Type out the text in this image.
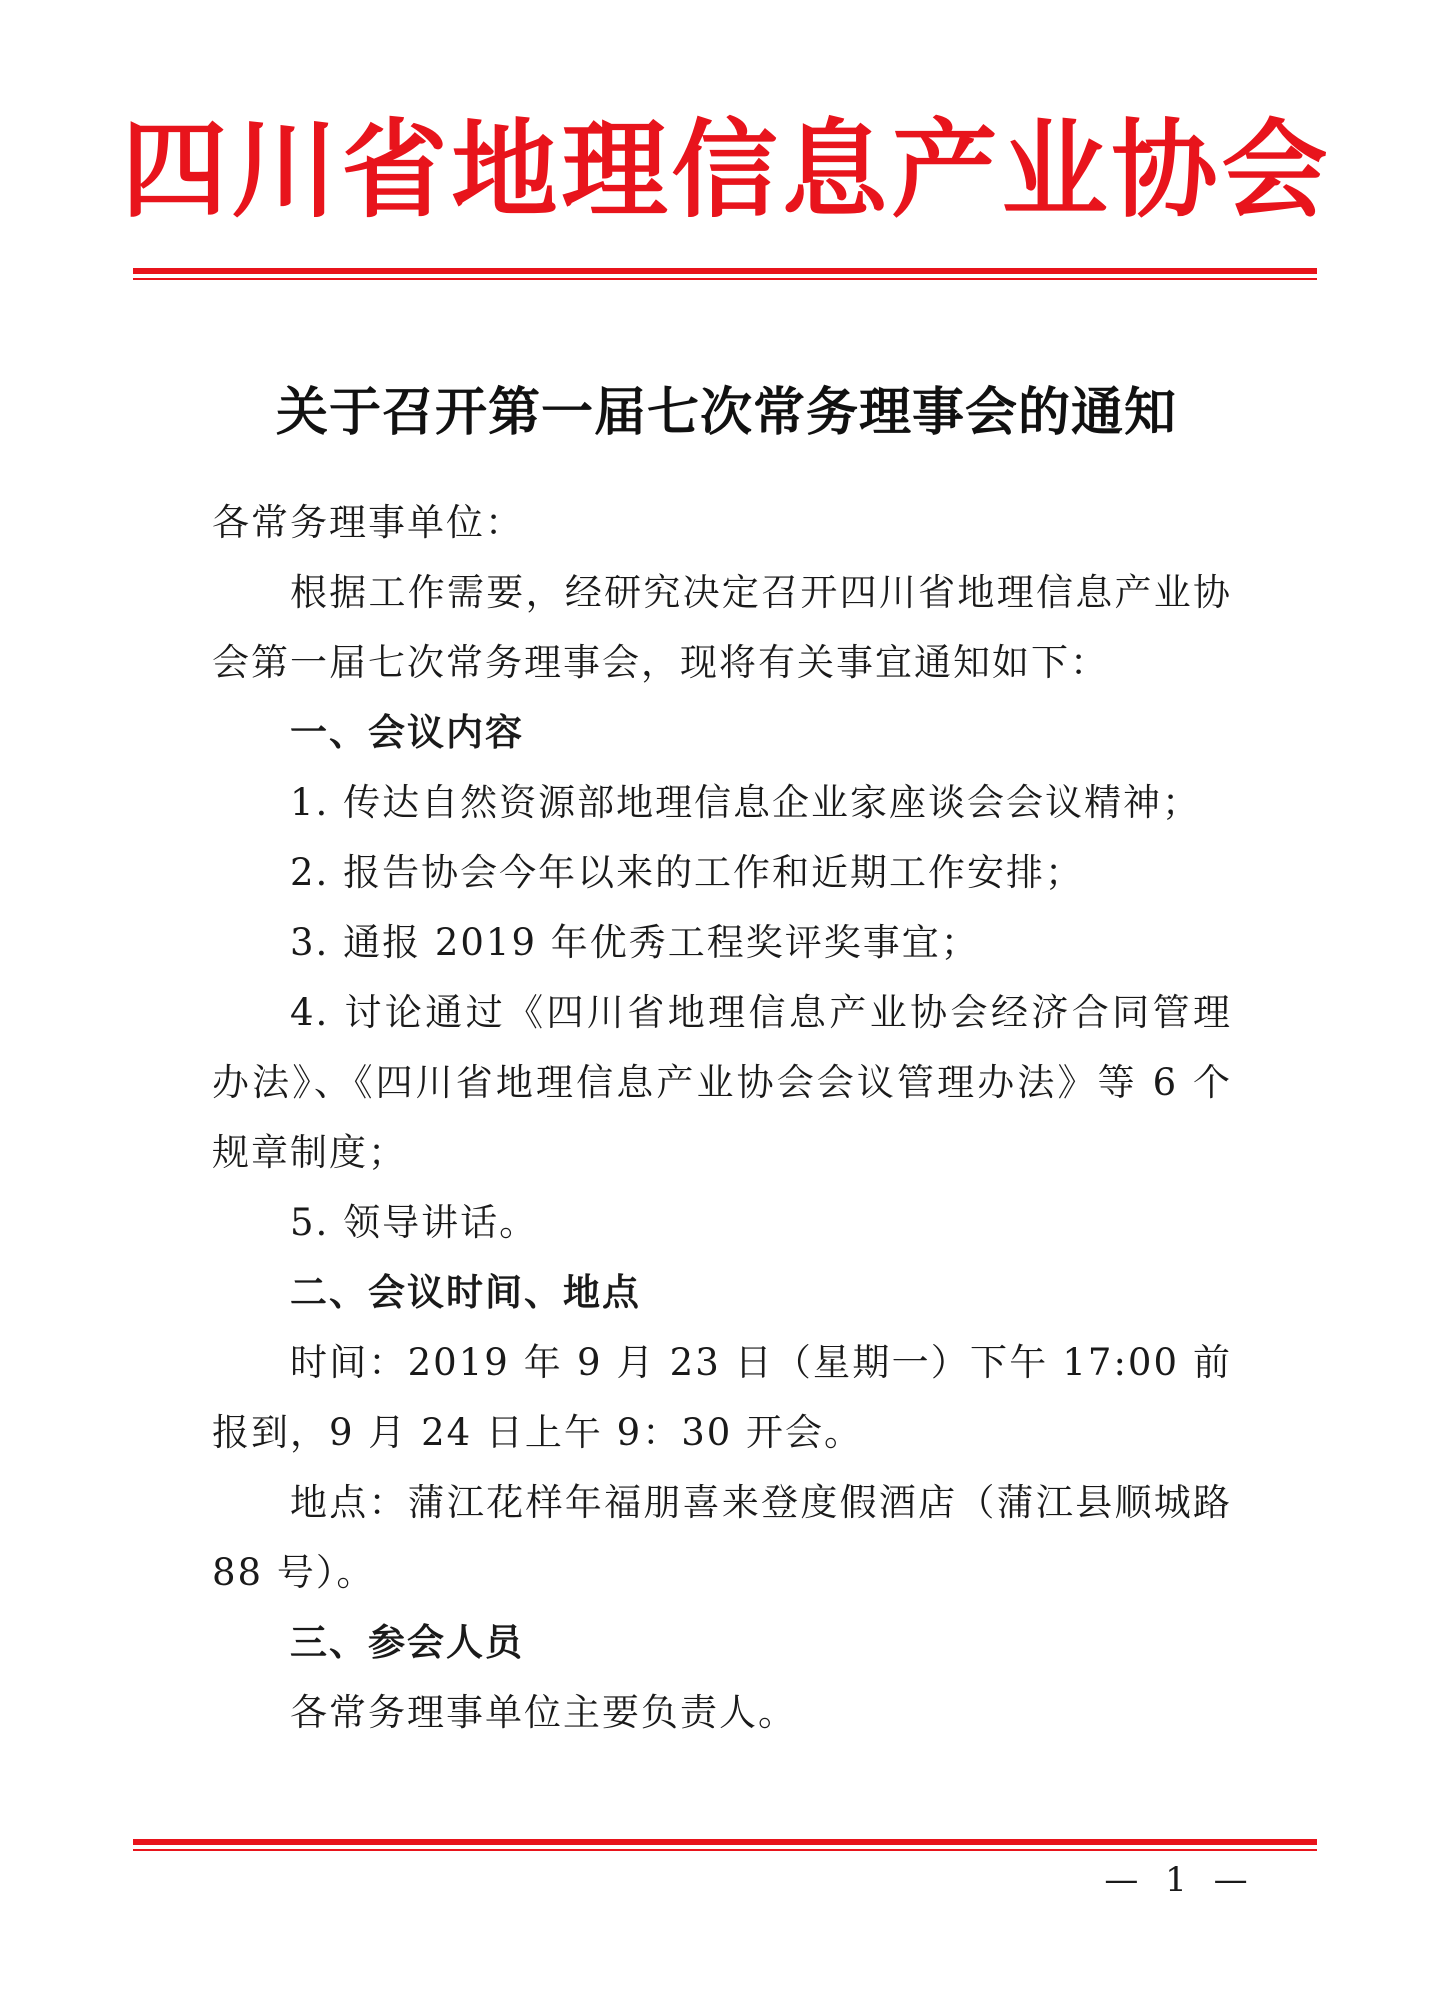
四川省地理信息产业协会
关于召开第一届七次常务理事会的通知

各常务理事单位：

根据工作需要，经研究决定召开四川省地理信息产业协会第一届七次常务理事会，现将有关事宜通知如下：

一、会议内容

1. 传达自然资源部地理信息企业家座谈会会议精神；

2. 报告协会今年以来的工作和近期工作安排；

3. 通报 2019 年优秀工程奖评奖事宜；

4. 讨论通过《四川省地理信息产业协会经济合同管理办法》、《四川省地理信息产业协会会议管理办法》等 6 个规章制度；

5. 领导讲话。

二、会议时间、地点

时间：2019 年 9 月 23 日（星期一）下午 17:00 前报到，9 月 24 日上午 9：30 开会。

地点：蒲江花样年福朋喜来登度假酒店（蒲江县顺城路 88 号）。

三、参会人员

各常务理事单位主要负责人。

— 1 —
